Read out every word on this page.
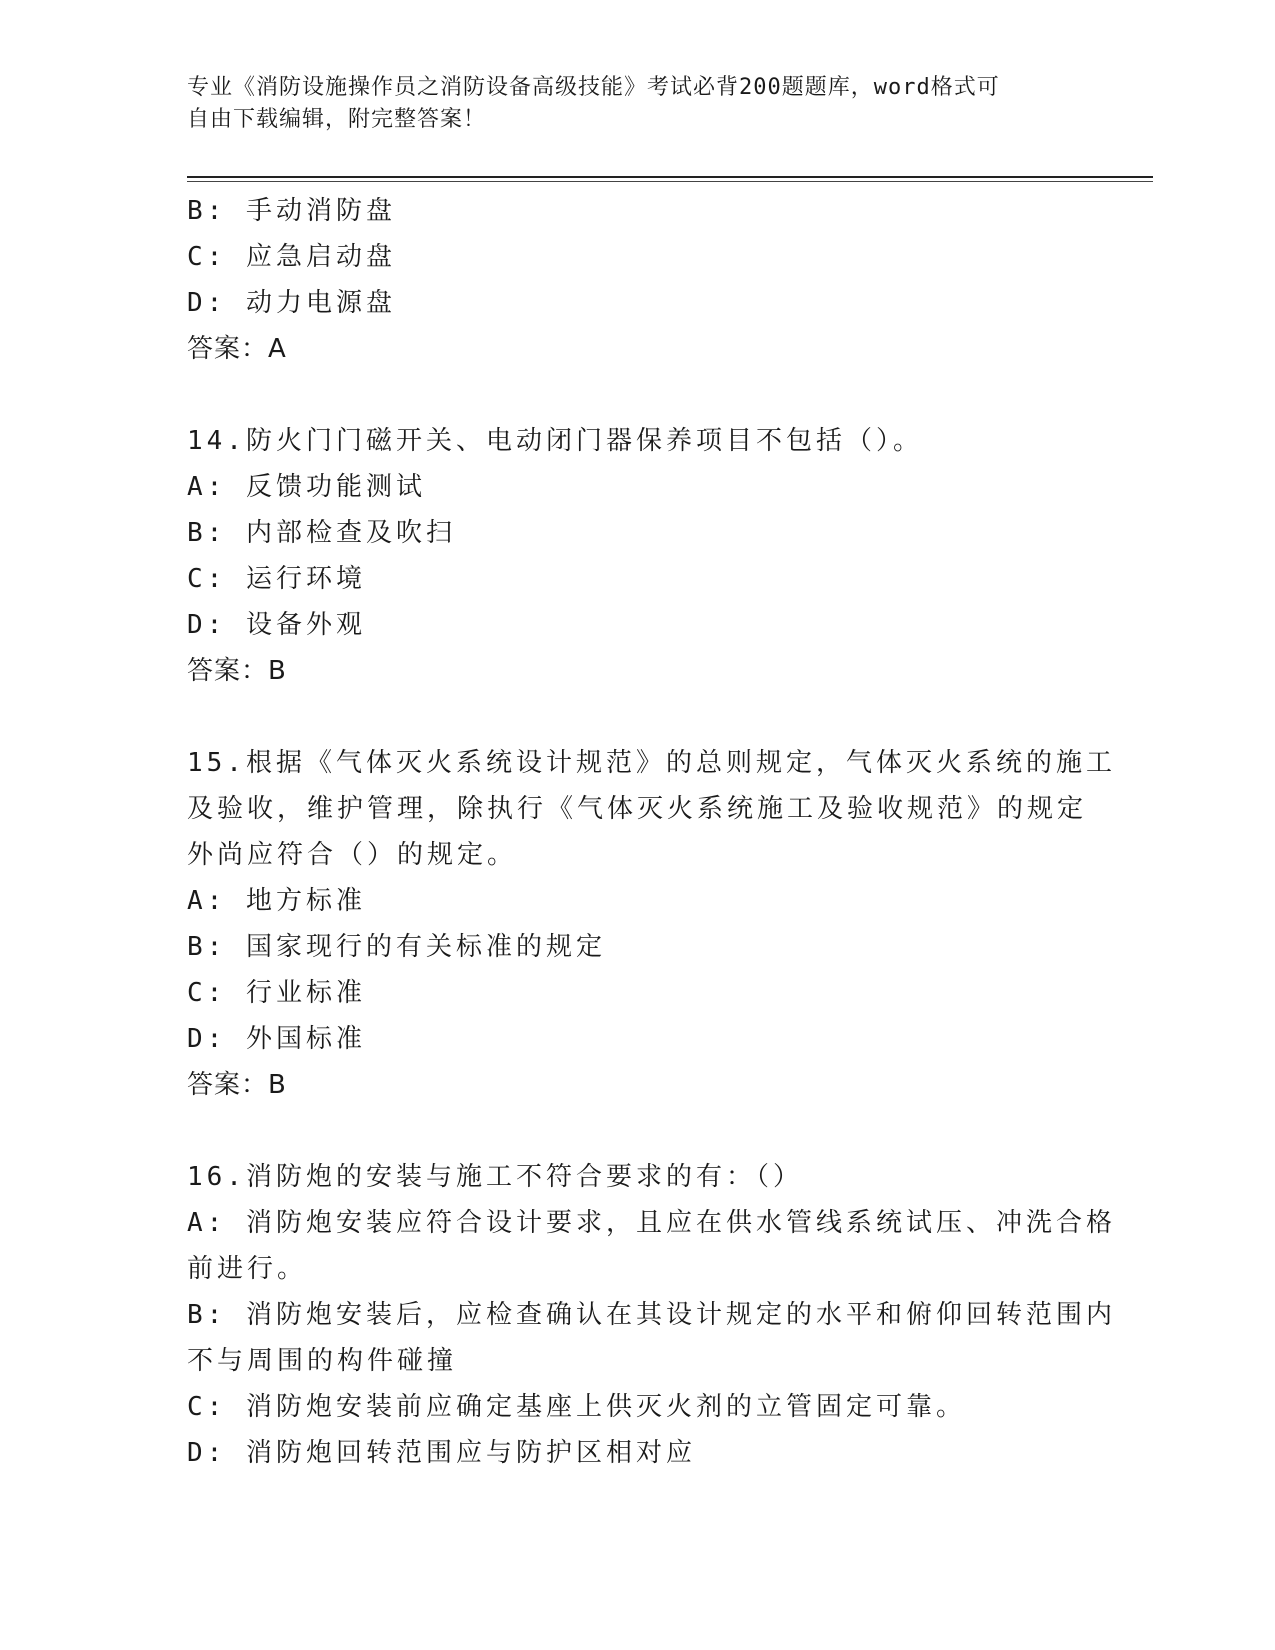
专业《消防设施操作员之消防设备高级技能》考试必背200题题库，word格式可
自由下载编辑，附完整答案！
B: 手动消防盘
C: 应急启动盘
D: 动力电源盘
答案：A
14.防火门门磁开关、电动闭门器保养项目不包括（）。
A: 反馈功能测试
B: 内部检查及吹扫
C: 运行环境
D: 设备外观
答案：B
15.根据《气体灭火系统设计规范》的总则规定，气体灭火系统的施工
及验收，维护管理，除执行《气体灭火系统施工及验收规范》的规定
外尚应符合（）的规定。
A: 地方标准
B: 国家现行的有关标准的规定
C: 行业标准
D: 外国标准
答案：B
16.消防炮的安装与施工不符合要求的有：（）
A: 消防炮安装应符合设计要求，且应在供水管线系统试压、冲洗合格
前进行。
B: 消防炮安装后，应检查确认在其设计规定的水平和俯仰回转范围内
不与周围的构件碰撞
C: 消防炮安装前应确定基座上供灭火剂的立管固定可靠。
D: 消防炮回转范围应与防护区相对应
